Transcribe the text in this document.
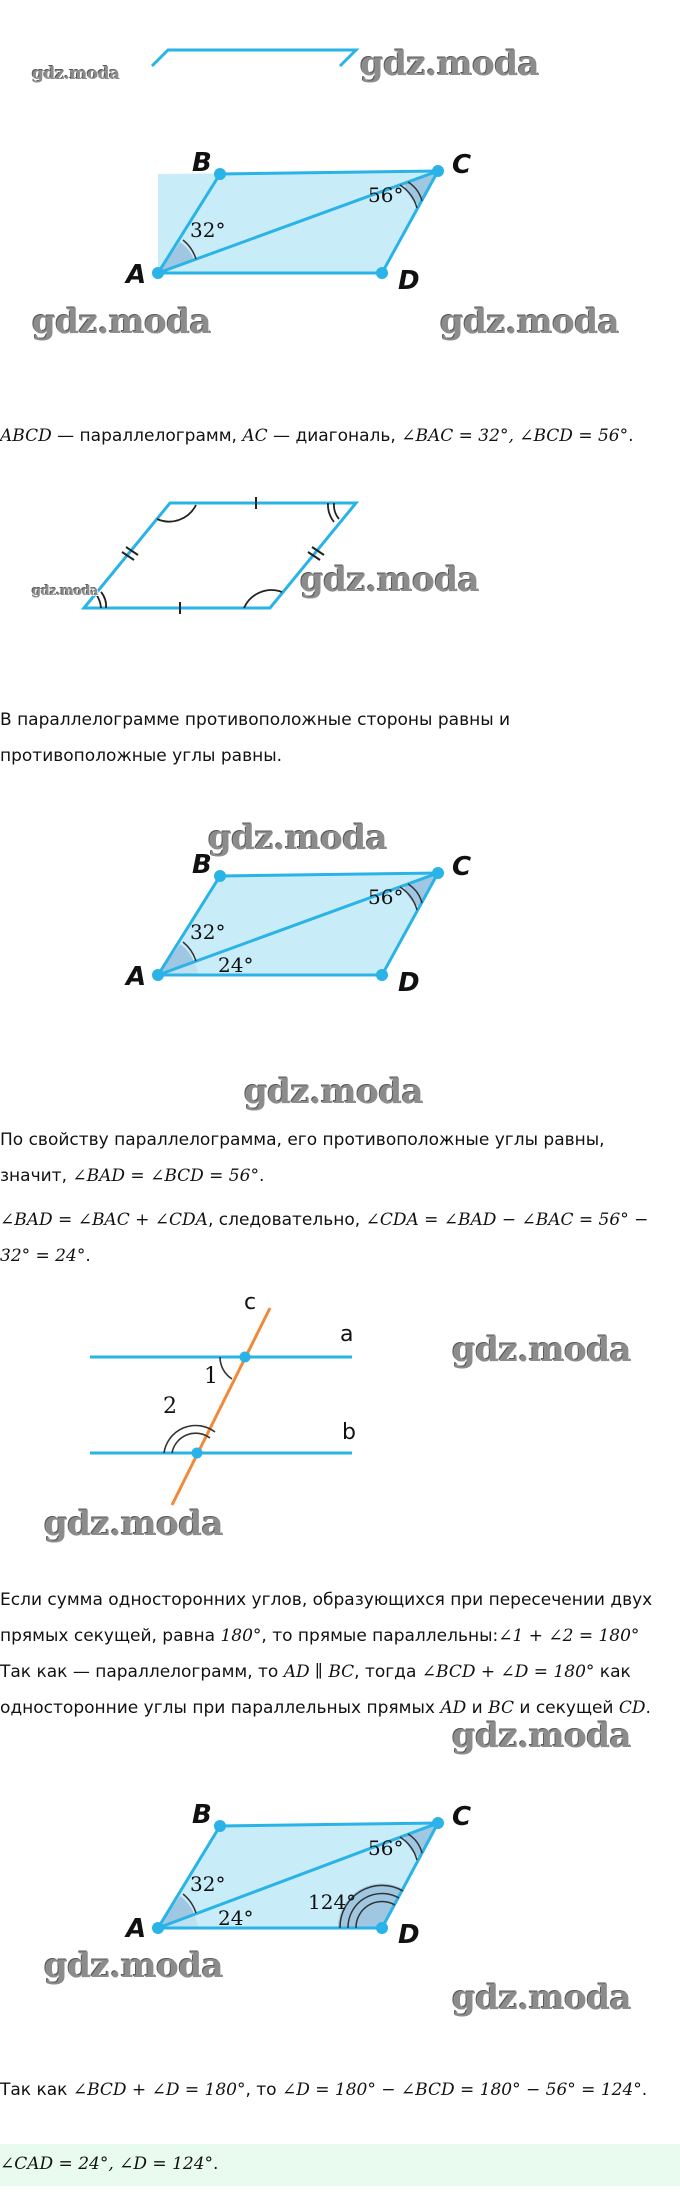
gdz.moda	gdz.moda
A
B	C
D
32°
56°
gdz.moda	gdz.moda

ABCD — параллелограмм, AC — диагональ, ∠BAC = 32°, ∠BCD = 56°.

gdz.moda	gdz.moda

В параллелограмме противоположные стороны равны и противоположные углы равны.

gdz.moda
A
B	C
D
32°
56°
24°
gdz.moda

По свойству параллелограмма, его противоположные углы равны, значит, ∠BAD = ∠BCD = 56°.

∠BAD = ∠BAC + ∠CDA, следовательно, ∠CDA = ∠BAD − ∠BAC = 56° − 32° = 24°.

c
a
b
1
2
gdz.moda
gdz.moda

Если сумма односторонних углов, образующихся при пересечении двух прямых секущей, равна 180°, то прямые параллельны:∠1 + ∠2 = 180°

Так как — параллелограмм, то AD ∥ BC, тогда ∠BCD + ∠D = 180° как односторонние углы при параллельных прямых AD и BC и секущей CD.

gdz.moda
A
B	C
D
32°
56°
24°
124°
gdz.moda
gdz.moda

Так как ∠BCD + ∠D = 180°, то ∠D = 180° − ∠BCD = 180° − 56° = 124°.

∠CAD = 24°, ∠D = 124°.
